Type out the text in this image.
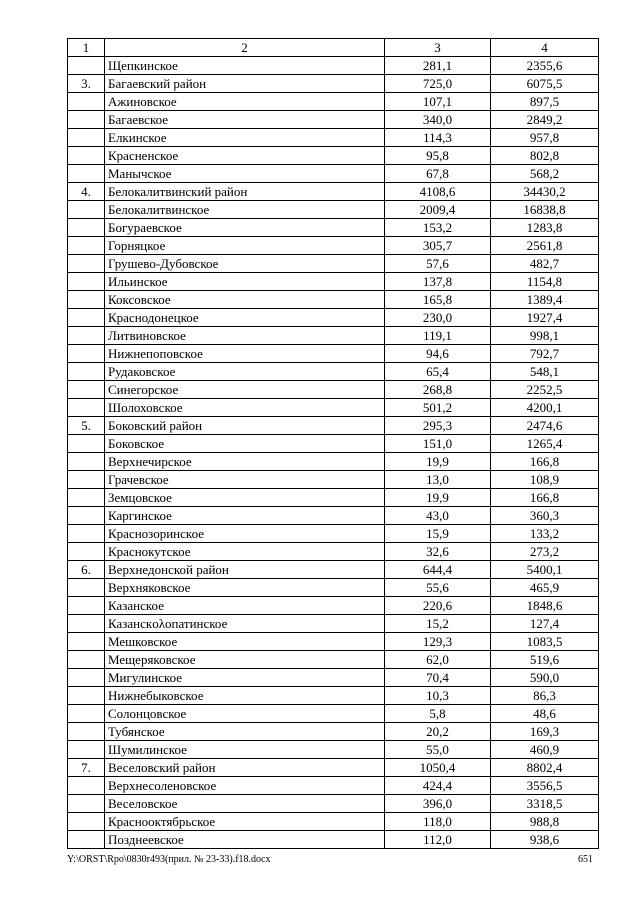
1	2	3	4
	Щепкинское	281,1	2355,6
3.	Багаевский район	725,0	6075,5
	Ажиновское	107,1	897,5
	Багаевское	340,0	2849,2
	Елкинское	114,3	957,8
	Красненское	95,8	802,8
	Манычское	67,8	568,2
4.	Белокалитвинский район	4108,6	34430,2
	Белокалитвинское	2009,4	16838,8
	Богураевское	153,2	1283,8
	Горняцкое	305,7	2561,8
	Грушево-Дубовское	57,6	482,7
	Ильинское	137,8	1154,8
	Коксовское	165,8	1389,4
	Краснодонецкое	230,0	1927,4
	Литвиновское	119,1	998,1
	Нижнепоповское	94,6	792,7
	Рудаковское	65,4	548,1
	Синегорское	268,8	2252,5
	Шолоховское	501,2	4200,1
5.	Боковский район	295,3	2474,6
	Боковское	151,0	1265,4
	Верхнечирское	19,9	166,8
	Грачевское	13,0	108,9
	Земцовское	19,9	166,8
	Каргинское	43,0	360,3
	Краснозоринское	15,9	133,2
	Краснокутское	32,6	273,2
6.	Верхнедонской район	644,4	5400,1
	Верхняковское	55,6	465,9
	Казанское	220,6	1848,6
	Казанскολопатинское	15,2	127,4
	Мешковское	129,3	1083,5
	Мещеряковское	62,0	519,6
	Мигулинское	70,4	590,0
	Нижнебыковское	10,3	86,3
	Солонцовское	5,8	48,6
	Тубянское	20,2	169,3
	Шумилинское	55,0	460,9
7.	Веселовский район	1050,4	8802,4
	Верхнесоленовское	424,4	3556,5
	Веселовское	396,0	3318,5
	Краснооктябрьское	118,0	988,8
	Позднеевское	112,0	938,6
Y:\ORST\Rpo\0830r493(прил. № 23-33).f18.docx	651
